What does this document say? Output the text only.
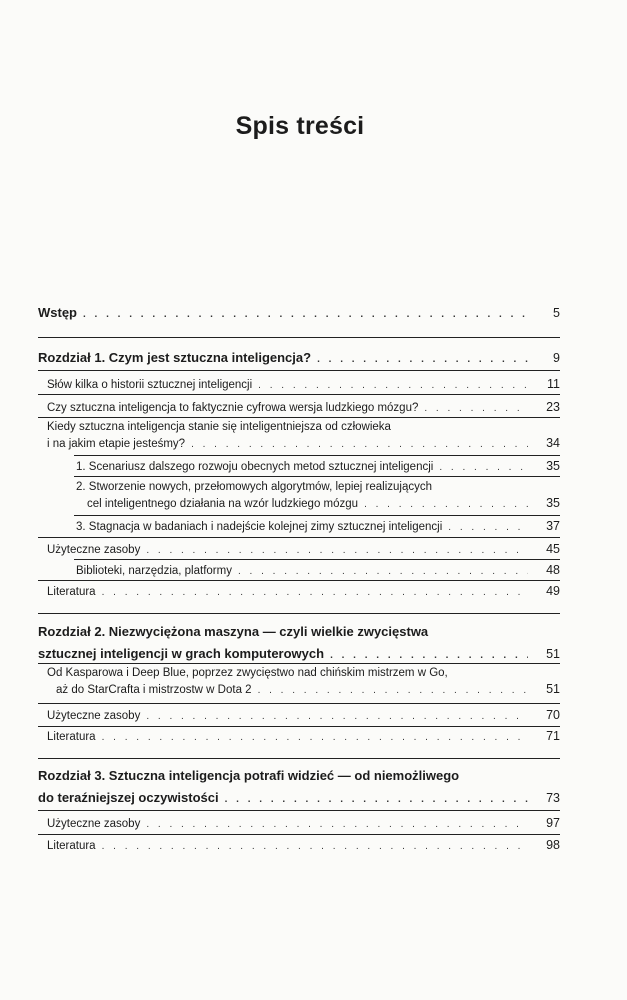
Spis treści
Wstęp . . .	5
Rozdział 1. Czym jest sztuczna inteligencja? . . .	9
Słów kilka o historii sztucznej inteligencji . . .	11
Czy sztuczna inteligencja to faktycznie cyfrowa wersja ludzkiego mózgu? . . .	23
Kiedy sztuczna inteligencja stanie się inteligentniejsza od człowieka
i na jakim etapie jesteśmy? . . .	34
1. Scenariusz dalszego rozwoju obecnych metod sztucznej inteligencji . . .	35
2. Stworzenie nowych, przełomowych algorytmów, lepiej realizujących
cel inteligentnego działania na wzór ludzkiego mózgu . . .	35
3. Stagnacja w badaniach i nadejście kolejnej zimy sztucznej inteligencji . . .	37
Użyteczne zasoby . . .	45
Biblioteki, narzędzia, platformy . . .	48
Literatura . . .	49
Rozdział 2. Niezwyciężona maszyna — czyli wielkie zwycięstwa
sztucznej inteligencji w grach komputerowych . . .	51
Od Kasparowa i Deep Blue, poprzez zwycięstwo nad chińskim mistrzem w Go,
aż do StarCrafta i mistrzostw w Dota 2 . . .	51
Użyteczne zasoby . . .	70
Literatura . . .	71
Rozdział 3. Sztuczna inteligencja potrafi widzieć — od niemożliwego
do teraźniejszej oczywistości . . .	73
Użyteczne zasoby . . .	97
Literatura . . .	98
